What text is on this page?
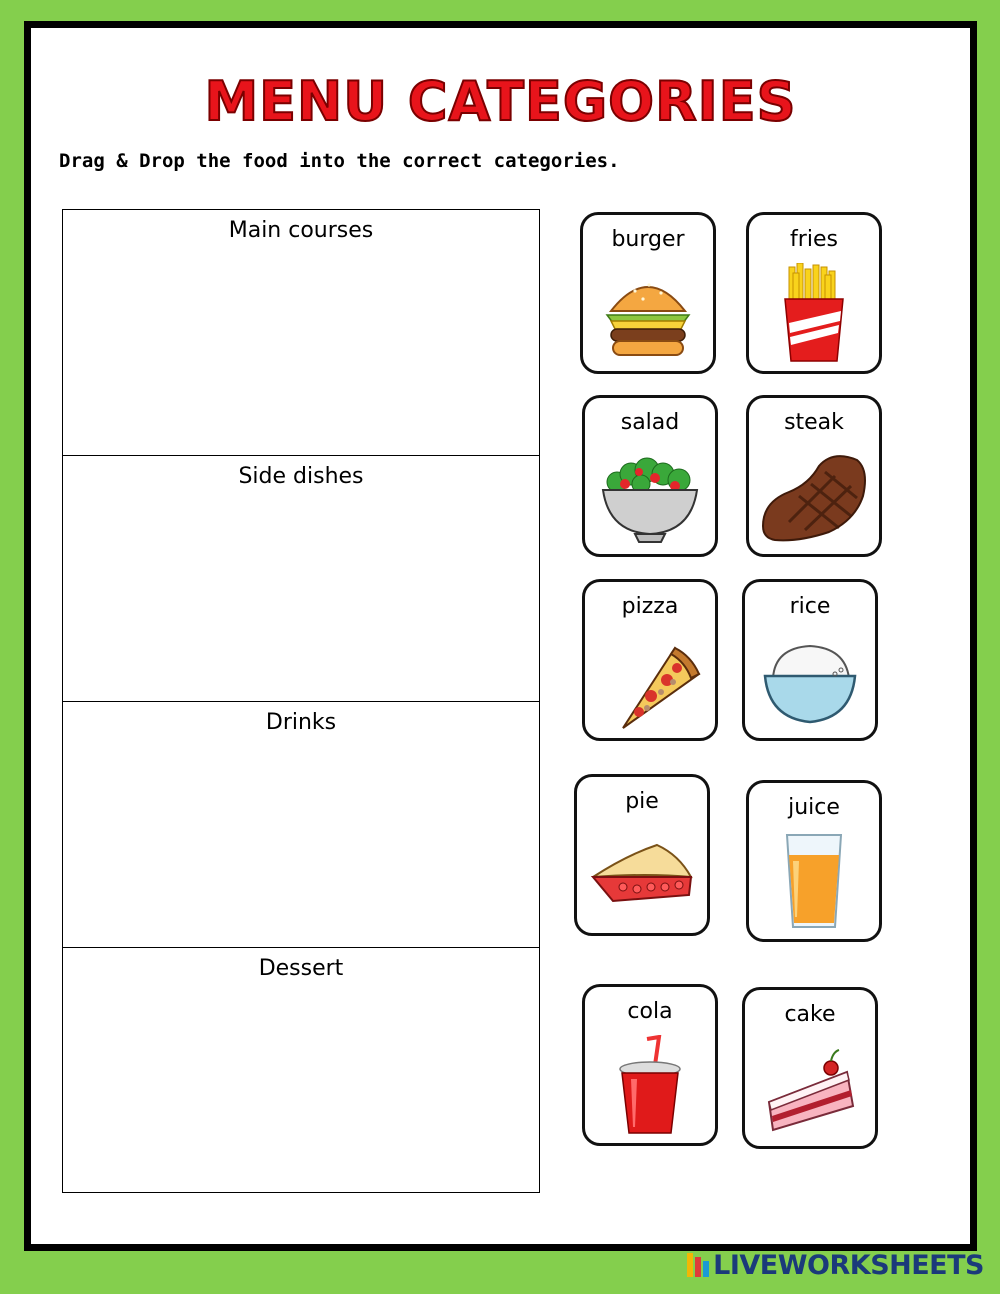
MENU CATEGORIES
Drag & Drop the food into the correct categories.
Main courses
Side dishes
Drinks
Dessert
burger	fries
salad	steak
pizza	rice
pie	juice
cola	cake
LIVEWORKSHEETS
